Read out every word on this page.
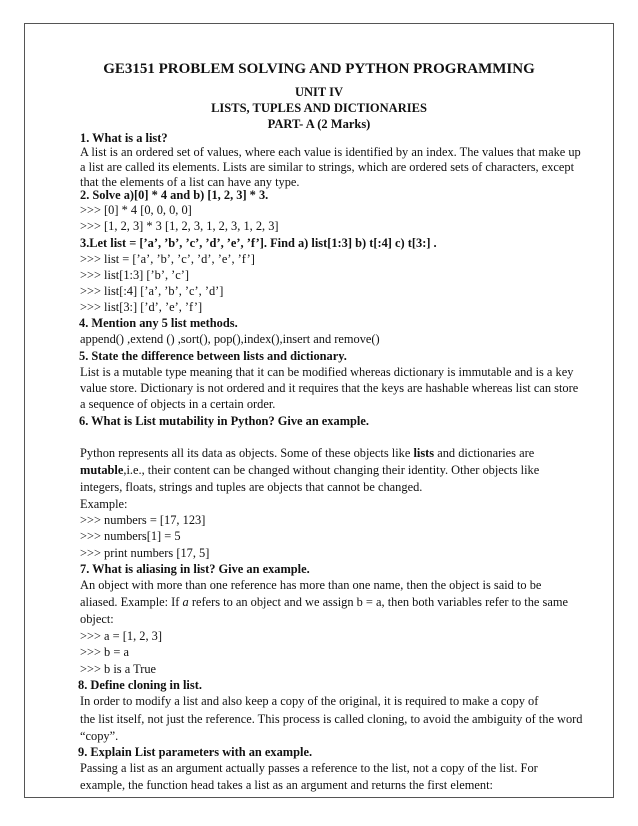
GE3151 PROBLEM SOLVING AND PYTHON PROGRAMMING
UNIT IV
LISTS, TUPLES AND DICTIONARIES
PART- A (2 Marks)
1. What is a list?
A list is an ordered set of values, where each value is identified by an index. The values that make up
a list are called its elements. Lists are similar to strings, which are ordered sets of characters, except
that the elements of a list can have any type.
2. Solve a)[0] * 4 and b) [1, 2, 3] * 3.
>>> [0] * 4 [0, 0, 0, 0]
>>> [1, 2, 3] * 3 [1, 2, 3, 1, 2, 3, 1, 2, 3]
3.Let list = [’a’, ’b’, ’c’, ’d’, ’e’, ’f’]. Find a) list[1:3] b) t[:4] c) t[3:] .
>>> list = [’a’, ’b’, ’c’, ’d’, ’e’, ’f’]
>>> list[1:3] [’b’, ’c’]
>>> list[:4] [’a’, ’b’, ’c’, ’d’]
>>> list[3:] [’d’, ’e’, ’f’]
4. Mention any 5 list methods.
append() ,extend () ,sort(), pop(),index(),insert and remove()
5. State the difference between lists and dictionary.
List is a mutable type meaning that it can be modified whereas dictionary is immutable and is a key
value store. Dictionary is not ordered and it requires that the keys are hashable whereas list can store
a sequence of objects in a certain order.
6. What is List mutability in Python? Give an example.
Python represents all its data as objects. Some of these objects like lists and dictionaries are
mutable,i.e., their content can be changed without changing their identity. Other objects like
integers, floats, strings and tuples are objects that cannot be changed.
Example:
>>> numbers = [17, 123]
>>> numbers[1] = 5
>>> print numbers [17, 5]
7. What is aliasing in list? Give an example.
An object with more than one reference has more than one name, then the object is said to be
aliased. Example: If a refers to an object and we assign b = a, then both variables refer to the same
object:
>>> a = [1, 2, 3]
>>> b = a
>>> b is a True
8. Define cloning in list.
In order to modify a list and also keep a copy of the original, it is required to make a copy of
the list itself, not just the reference. This process is called cloning, to avoid the ambiguity of the word
“copy”.
9. Explain List parameters with an example.
Passing a list as an argument actually passes a reference to the list, not a copy of the list. For
example, the function head takes a list as an argument and returns the first element:
